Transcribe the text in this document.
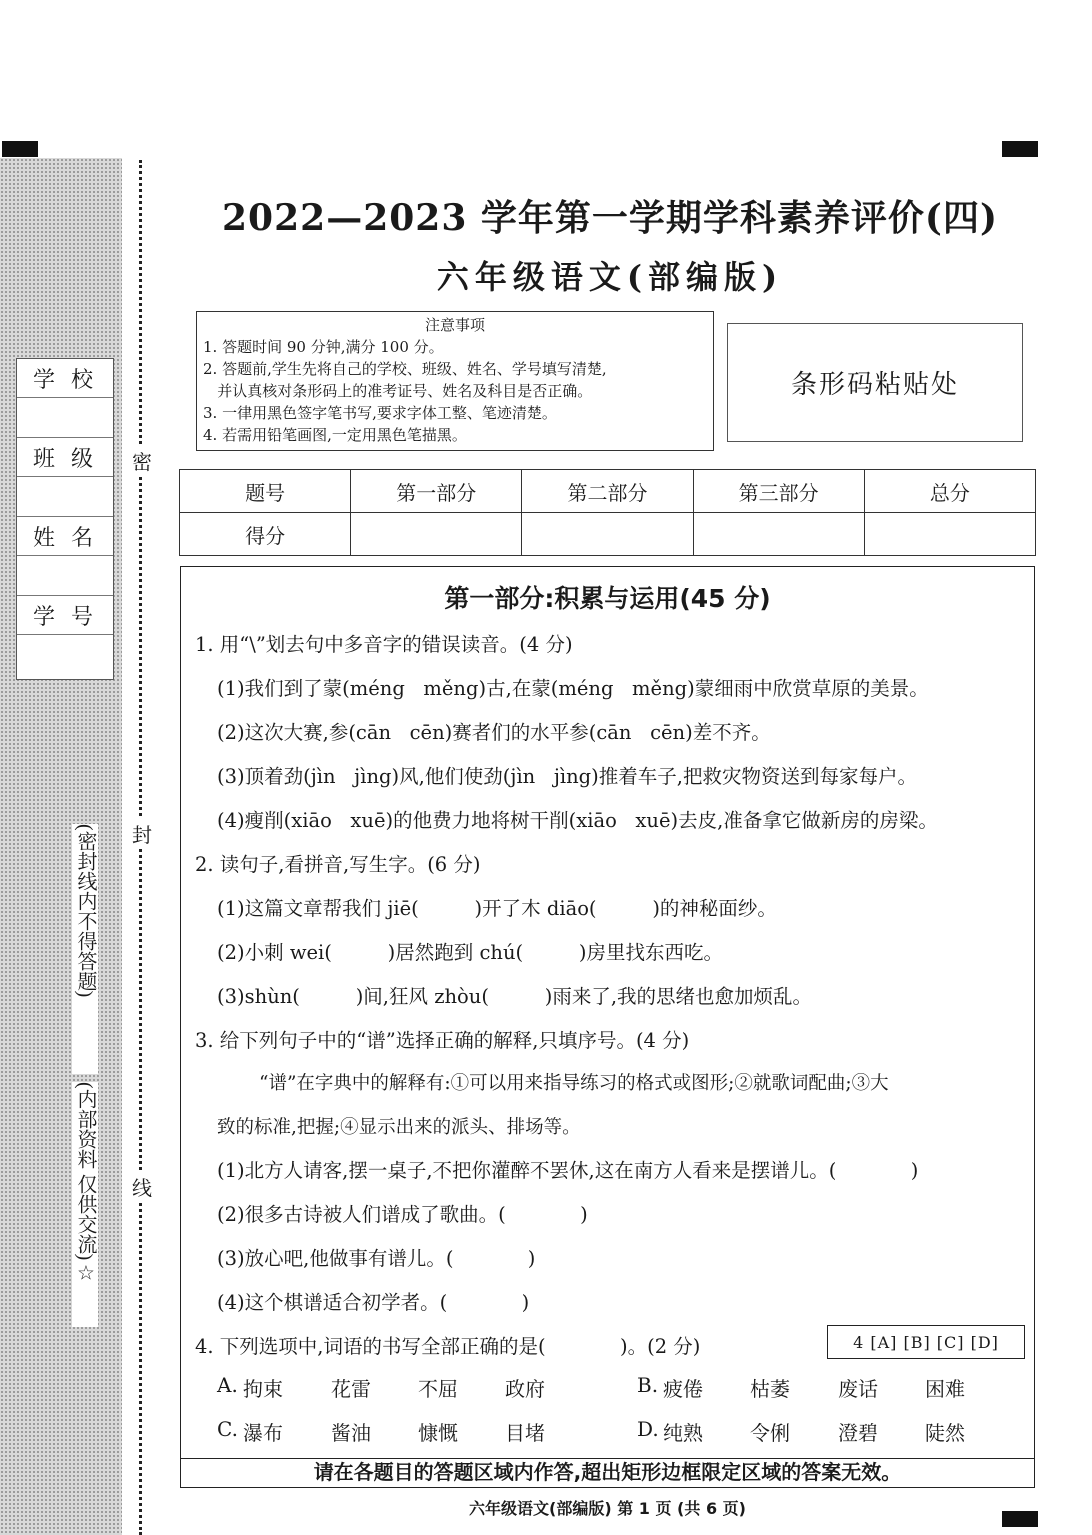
密
封
线
学校
班级
姓名
学号
(密封线内不得答题)
(内部资料 仅供交流)☆
2022—2023 学年第一学期学科素养评价(四)
六年级语文(部编版)
注意事项

1. 答题时间 90 分钟,满分 100 分。

2. 答题前,学生先将自己的学校、班级、姓名、学号填写清楚,

并认真核对条形码上的准考证号、姓名及科目是否正确。

3. 一律用黑色签字笔书写,要求字体工整、笔迹清楚。

4. 若需用铅笔画图,一定用黑色笔描黑。

条形码粘贴处
题号	第一部分	第二部分	第三部分	总分
得分				
第一部分:积累与运用(45 分)
1. 用“\”划去句中多音字的错误读音。(4 分)
(1)我们到了蒙(méng   měng)古,在蒙(méng   měng)蒙细雨中欣赏草原的美景。
(2)这次大赛,参(cān   cēn)赛者们的水平参(cān   cēn)差不齐。
(3)顶着劲(jìn   jìng)风,他们使劲(jìn   jìng)推着车子,把救灾物资送到每家每户。
(4)瘦削(xiāo   xuē)的他费力地将树干削(xiāo   xuē)去皮,准备拿它做新房的房梁。
2. 读句子,看拼音,写生字。(6 分)
(1)这篇文章帮我们 jiē(         )开了木 diāo(         )的神秘面纱。
(2)小刺 wei(         )居然跑到 chú(         )房里找东西吃。
(3)shùn(         )间,狂风 zhòu(         )雨来了,我的思绪也愈加烦乱。
3. 给下列句子中的“谱”选择正确的解释,只填序号。(4 分)
“谱”在字典中的解释有:①可以用来指导练习的格式或图形;②就歌词配曲;③大
致的标准,把握;④显示出来的派头、排场等。
(1)北方人请客,摆一桌子,不把你灌醉不罢休,这在南方人看来是摆谱儿。(            )
(2)很多古诗被人们谱成了歌曲。(            )
(3)放心吧,他做事有谱儿。(            )
(4)这个棋谱适合初学者。(            )
4. 下列选项中,词语的书写全部正确的是(            )。(2 分)	4 [A] [B] [C] [D]
A. 拘束 花雷 不屈 政府	B. 疲倦 枯萎 废话 困难
C. 瀑布 酱油 慷慨 目堵	D. 纯熟 令俐 澄碧 陡然
请在各题目的答题区域内作答,超出矩形边框限定区域的答案无效。
六年级语文(部编版) 第 1 页 (共 6 页)
